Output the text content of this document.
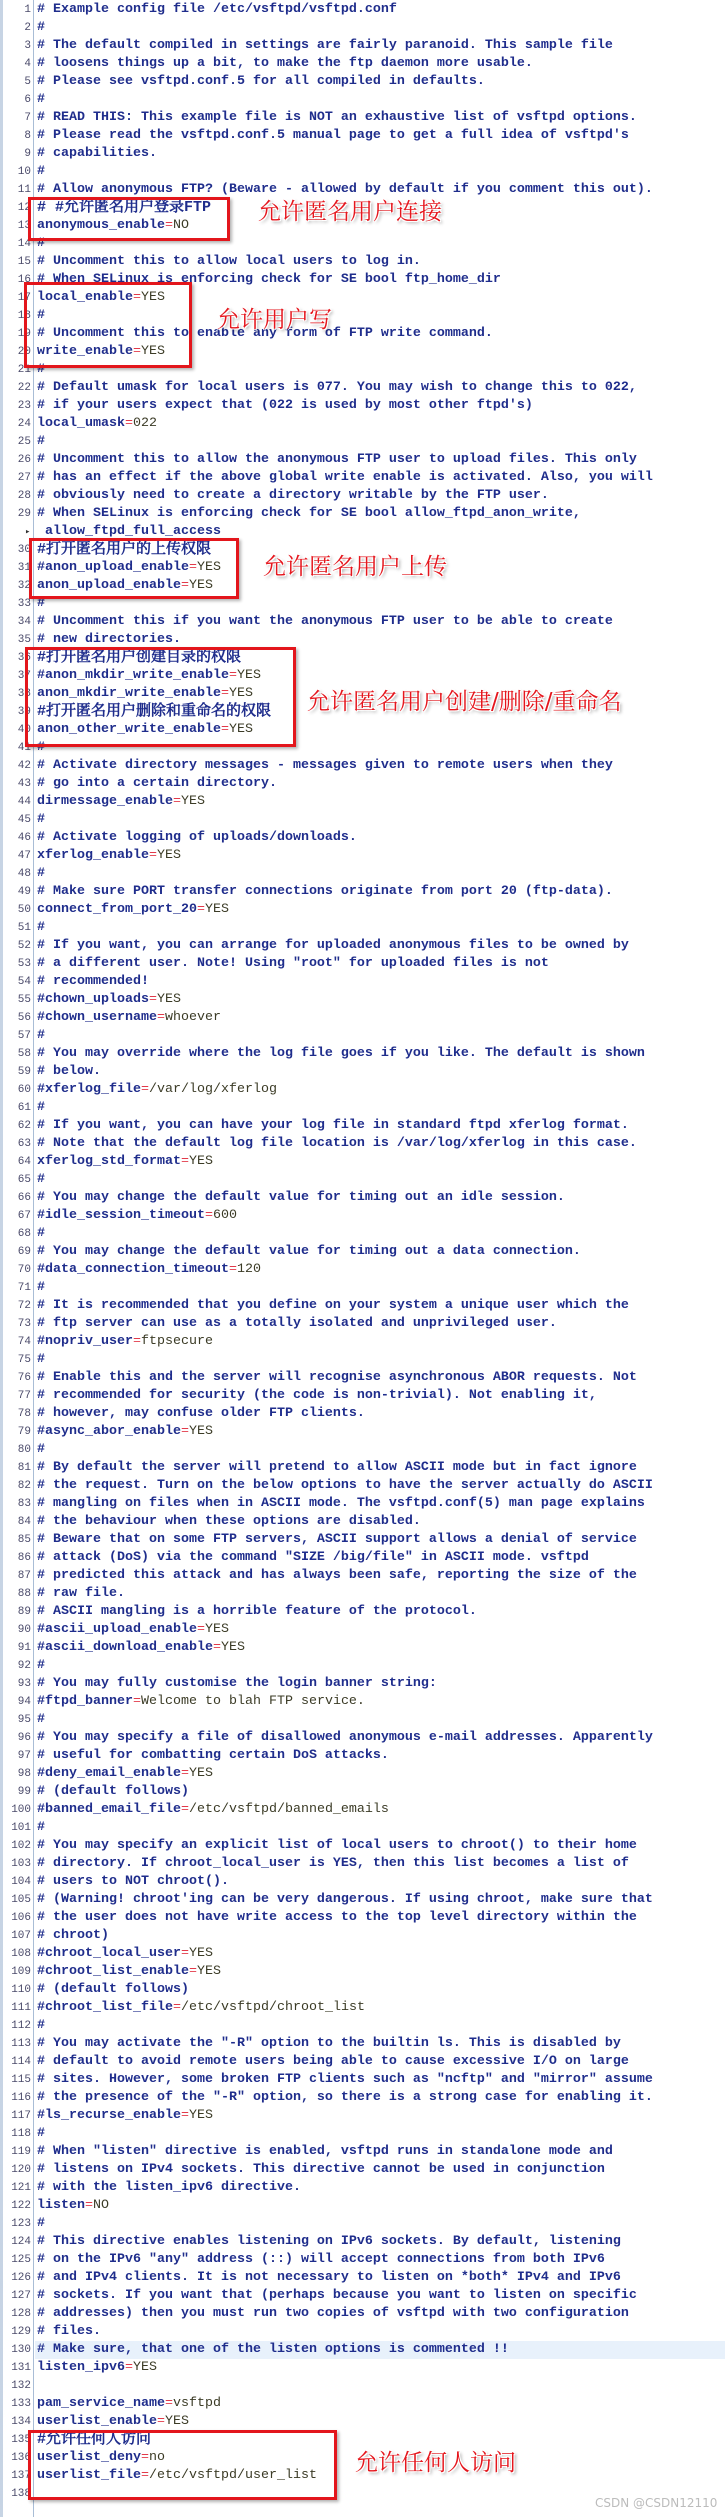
1 # Example config file /etc/vsftpd/vsftpd.conf
2 #
3 # The default compiled in settings are fairly paranoid. This sample file
4 # loosens things up a bit, to make the ftp daemon more usable.
5 # Please see vsftpd.conf.5 for all compiled in defaults.
6 #
7 # READ THIS: This example file is NOT an exhaustive list of vsftpd options.
8 # Please read the vsftpd.conf.5 manual page to get a full idea of vsftpd's
9 # capabilities.
10 #
11 # Allow anonymous FTP? (Beware - allowed by default if you comment this out).
12 # #允许匿名用户登录FTP
13 anonymous_enable=NO
14 #
15 # Uncomment this to allow local users to log in.
16 # When SELinux is enforcing check for SE bool ftp_home_dir
17 local_enable=YES
18 #
19 # Uncomment this to enable any form of FTP write command.
20 write_enable=YES
21 #
22 # Default umask for local users is 077. You may wish to change this to 022,
23 # if your users expect that (022 is used by most other ftpd's)
24 local_umask=022
25 #
26 # Uncomment this to allow the anonymous FTP user to upload files. This only
27 # has an effect if the above global write enable is activated. Also, you will
28 # obviously need to create a directory writable by the FTP user.
29 # When SELinux is enforcing check for SE bool allow_ftpd_anon_write,
▸ allow_ftpd_full_access
30 #打开匿名用户的上传权限
31 #anon_upload_enable=YES
32 anon_upload_enable=YES
33 #
34 # Uncomment this if you want the anonymous FTP user to be able to create
35 # new directories.
36 #打开匿名用户创建目录的权限
37 #anon_mkdir_write_enable=YES
38 anon_mkdir_write_enable=YES
39 #打开匿名用户删除和重命名的权限
40 anon_other_write_enable=YES
41 #
42 # Activate directory messages - messages given to remote users when they
43 # go into a certain directory.
44 dirmessage_enable=YES
45 #
46 # Activate logging of uploads/downloads.
47 xferlog_enable=YES
48 #
49 # Make sure PORT transfer connections originate from port 20 (ftp-data).
50 connect_from_port_20=YES
51 #
52 # If you want, you can arrange for uploaded anonymous files to be owned by
53 # a different user. Note! Using "root" for uploaded files is not
54 # recommended!
55 #chown_uploads=YES
56 #chown_username=whoever
57 #
58 # You may override where the log file goes if you like. The default is shown
59 # below.
60 #xferlog_file=/var/log/xferlog
61 #
62 # If you want, you can have your log file in standard ftpd xferlog format.
63 # Note that the default log file location is /var/log/xferlog in this case.
64 xferlog_std_format=YES
65 #
66 # You may change the default value for timing out an idle session.
67 #idle_session_timeout=600
68 #
69 # You may change the default value for timing out a data connection.
70 #data_connection_timeout=120
71 #
72 # It is recommended that you define on your system a unique user which the
73 # ftp server can use as a totally isolated and unprivileged user.
74 #nopriv_user=ftpsecure
75 #
76 # Enable this and the server will recognise asynchronous ABOR requests. Not
77 # recommended for security (the code is non-trivial). Not enabling it,
78 # however, may confuse older FTP clients.
79 #async_abor_enable=YES
80 #
81 # By default the server will pretend to allow ASCII mode but in fact ignore
82 # the request. Turn on the below options to have the server actually do ASCII
83 # mangling on files when in ASCII mode. The vsftpd.conf(5) man page explains
84 # the behaviour when these options are disabled.
85 # Beware that on some FTP servers, ASCII support allows a denial of service
86 # attack (DoS) via the command "SIZE /big/file" in ASCII mode. vsftpd
87 # predicted this attack and has always been safe, reporting the size of the
88 # raw file.
89 # ASCII mangling is a horrible feature of the protocol.
90 #ascii_upload_enable=YES
91 #ascii_download_enable=YES
92 #
93 # You may fully customise the login banner string:
94 #ftpd_banner=Welcome to blah FTP service.
95 #
96 # You may specify a file of disallowed anonymous e-mail addresses. Apparently
97 # useful for combatting certain DoS attacks.
98 #deny_email_enable=YES
99 # (default follows)
100 #banned_email_file=/etc/vsftpd/banned_emails
101 #
102 # You may specify an explicit list of local users to chroot() to their home
103 # directory. If chroot_local_user is YES, then this list becomes a list of
104 # users to NOT chroot().
105 # (Warning! chroot'ing can be very dangerous. If using chroot, make sure that
106 # the user does not have write access to the top level directory within the
107 # chroot)
108 #chroot_local_user=YES
109 #chroot_list_enable=YES
110 # (default follows)
111 #chroot_list_file=/etc/vsftpd/chroot_list
112 #
113 # You may activate the "-R" option to the builtin ls. This is disabled by
114 # default to avoid remote users being able to cause excessive I/O on large
115 # sites. However, some broken FTP clients such as "ncftp" and "mirror" assume
116 # the presence of the "-R" option, so there is a strong case for enabling it.
117 #ls_recurse_enable=YES
118 #
119 # When "listen" directive is enabled, vsftpd runs in standalone mode and
120 # listens on IPv4 sockets. This directive cannot be used in conjunction
121 # with the listen_ipv6 directive.
122 listen=NO
123 #
124 # This directive enables listening on IPv6 sockets. By default, listening
125 # on the IPv6 "any" address (::) will accept connections from both IPv6
126 # and IPv4 clients. It is not necessary to listen on *both* IPv4 and IPv6
127 # sockets. If you want that (perhaps because you want to listen on specific
128 # addresses) then you must run two copies of vsftpd with two configuration
129 # files.
130 # Make sure, that one of the listen options is commented !!
131 listen_ipv6=YES
132
133 pam_service_name=vsftpd
134 userlist_enable=YES
135 #允许任何人访问
136 userlist_deny=no
137 userlist_file=/etc/vsftpd/user_list
138
允许匿名用户连接
允许用户写
允许匿名用户上传
允许匿名用户创建/删除/重命名
允许任何人访问
CSDN @CSDN12110
